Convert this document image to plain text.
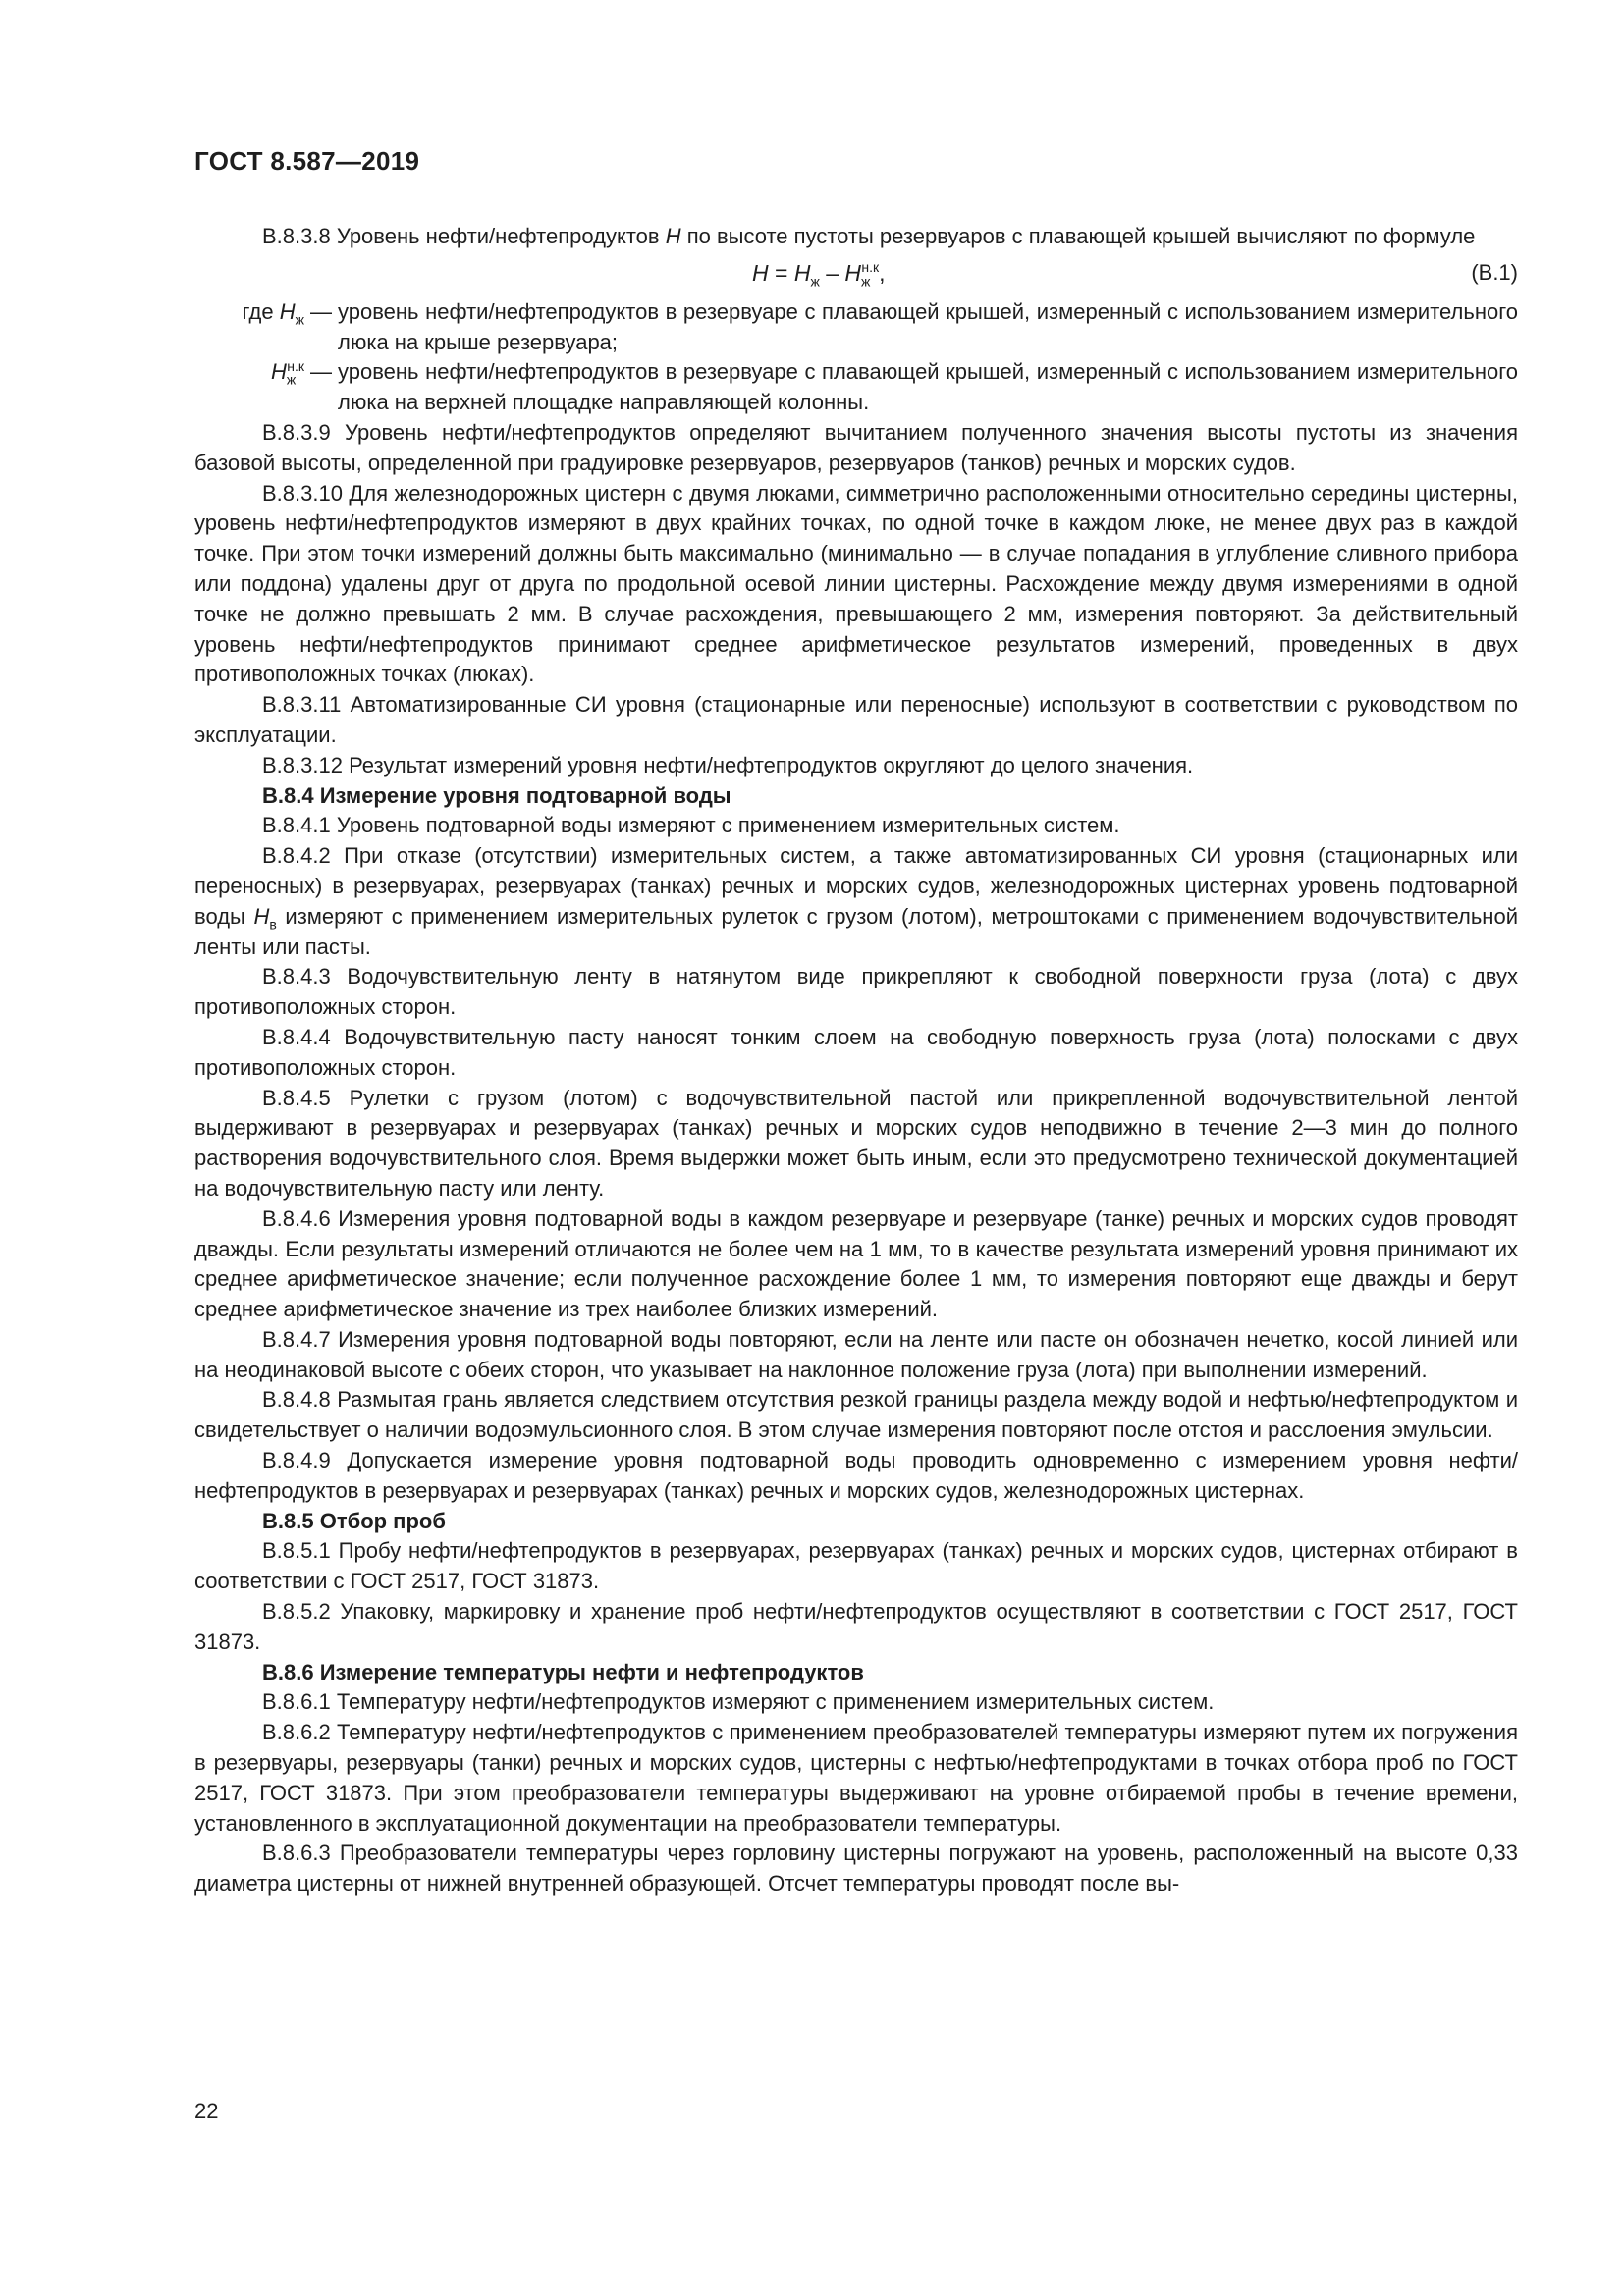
ГОСТ 8.587—2019

В.8.3.8 Уровень нефти/нефтепродуктов H по высоте пустоты резервуаров с плавающей крышей вычисляют по формуле

$H = H_ж - H_ж^{н.к}$,	(В.1)
где $H_ж$ — уровень нефти/нефтепродуктов в резервуаре с плавающей крышей, измеренный с использованием измерительного люка на крыше резервуара;
$H_ж^{н.к}$ — уровень нефти/нефтепродуктов в резервуаре с плавающей крышей, измеренный с использованием измерительного люка на верхней площадке направляющей колонны.

В.8.3.9 Уровень нефти/нефтепродуктов определяют вычитанием полученного значения высоты пустоты из значения базовой высоты, определенной при градуировке резервуаров, резервуаров (танков) речных и морских судов.

В.8.3.10 Для железнодорожных цистерн с двумя люками, симметрично расположенными относительно середины цистерны, уровень нефти/нефтепродуктов измеряют в двух крайних точках, по одной точке в каждом люке, не менее двух раз в каждой точке. При этом точки измерений должны быть максимально (минимально — в случае попадания в углубление сливного прибора или поддона) удалены друг от друга по продольной осевой линии цистерны. Расхождение между двумя измерениями в одной точке не должно превышать 2 мм. В случае расхождения, превышающего 2 мм, измерения повторяют. За действительный уровень нефти/нефтепродуктов принимают среднее арифметическое результатов измерений, проведенных в двух противоположных точках (люках).

В.8.3.11 Автоматизированные СИ уровня (стационарные или переносные) используют в соответствии с руководством по эксплуатации.

В.8.3.12 Результат измерений уровня нефти/нефтепродуктов округляют до целого значения.

В.8.4 Измерение уровня подтоварной воды

В.8.4.1 Уровень подтоварной воды измеряют с применением измерительных систем.

В.8.4.2 При отказе (отсутствии) измерительных систем, а также автоматизированных СИ уровня (стационарных или переносных) в резервуарах, резервуарах (танках) речных и морских судов, железнодорожных цистернах уровень подтоварной воды $H_в$ измеряют с применением измерительных рулеток с грузом (лотом), метроштоками с применением водочувствительной ленты или пасты.

В.8.4.3 Водочувствительную ленту в натянутом виде прикрепляют к свободной поверхности груза (лота) с двух противоположных сторон.

В.8.4.4 Водочувствительную пасту наносят тонким слоем на свободную поверхность груза (лота) полосками с двух противоположных сторон.

В.8.4.5 Рулетки с грузом (лотом) с водочувствительной пастой или прикрепленной водочувствительной лентой выдерживают в резервуарах и резервуарах (танках) речных и морских судов неподвижно в течение 2—3 мин до полного растворения водочувствительного слоя. Время выдержки может быть иным, если это предусмотрено технической документацией на водочувствительную пасту или ленту.

В.8.4.6 Измерения уровня подтоварной воды в каждом резервуаре и резервуаре (танке) речных и морских судов проводят дважды. Если результаты измерений отличаются не более чем на 1 мм, то в качестве результата измерений уровня принимают их среднее арифметическое значение; если полученное расхождение более 1 мм, то измерения повторяют еще дважды и берут среднее арифметическое значение из трех наиболее близких измерений.

В.8.4.7 Измерения уровня подтоварной воды повторяют, если на ленте или пасте он обозначен нечетко, косой линией или на неодинаковой высоте с обеих сторон, что указывает на наклонное положение груза (лота) при выполнении измерений.

В.8.4.8 Размытая грань является следствием отсутствия резкой границы раздела между водой и нефтью/нефтепродуктом и свидетельствует о наличии водоэмульсионного слоя. В этом случае измерения повторяют после отстоя и расслоения эмульсии.

В.8.4.9 Допускается измерение уровня подтоварной воды проводить одновременно с измерением уровня нефти/нефтепродуктов в резервуарах и резервуарах (танках) речных и морских судов, железнодорожных цистернах.

В.8.5 Отбор проб

В.8.5.1 Пробу нефти/нефтепродуктов в резервуарах, резервуарах (танках) речных и морских судов, цистернах отбирают в соответствии с ГОСТ 2517, ГОСТ 31873.

В.8.5.2 Упаковку, маркировку и хранение проб нефти/нефтепродуктов осуществляют в соответствии с ГОСТ 2517, ГОСТ 31873.

В.8.6 Измерение температуры нефти и нефтепродуктов

В.8.6.1 Температуру нефти/нефтепродуктов измеряют с применением измерительных систем.

В.8.6.2 Температуру нефти/нефтепродуктов с применением преобразователей температуры измеряют путем их погружения в резервуары, резервуары (танки) речных и морских судов, цистерны с нефтью/нефтепродуктами в точках отбора проб по ГОСТ 2517, ГОСТ 31873. При этом преобразователи температуры выдерживают на уровне отбираемой пробы в течение времени, установленного в эксплуатационной документации на преобразователи температуры.

В.8.6.3 Преобразователи температуры через горловину цистерны погружают на уровень, расположенный на высоте 0,33 диаметра цистерны от нижней внутренней образующей. Отсчет температуры проводят после вы-

22
